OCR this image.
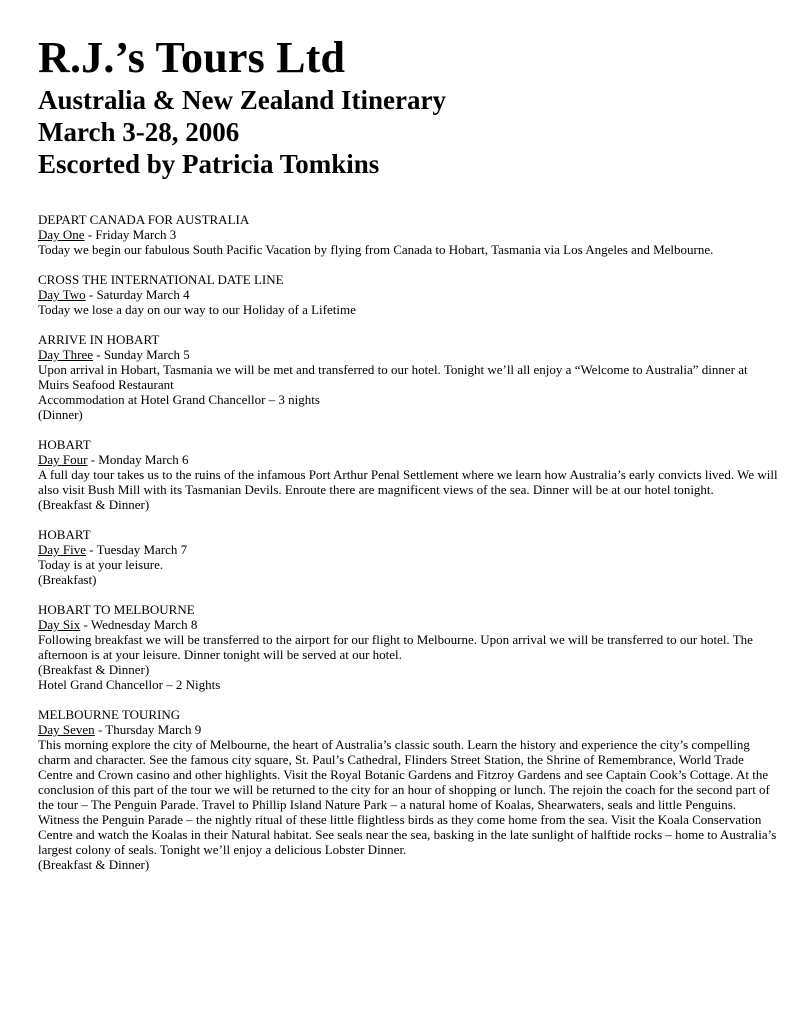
R.J.’s Tours Ltd
Australia & New Zealand Itinerary
March 3-28, 2006
Escorted by Patricia Tomkins
DEPART CANADA FOR AUSTRALIA
Day One - Friday March 3
Today we begin our fabulous South Pacific Vacation by flying from Canada to Hobart, Tasmania via Los Angeles and Melbourne.
CROSS THE INTERNATIONAL DATE LINE
Day Two - Saturday March 4
Today we lose a day on our way to our Holiday of a Lifetime
ARRIVE IN HOBART
Day Three - Sunday March 5
Upon arrival in Hobart, Tasmania we will be met and transferred to our hotel. Tonight we’ll all enjoy a “Welcome to Australia” dinner at Muirs Seafood Restaurant
Accommodation at Hotel Grand Chancellor – 3 nights
(Dinner)
HOBART
Day Four - Monday March 6
A full day tour takes us to the ruins of the infamous Port Arthur Penal Settlement where we learn how Australia’s early convicts lived. We will also visit Bush Mill with its Tasmanian Devils. Enroute there are magnificent views of the sea. Dinner will be at our hotel tonight.
(Breakfast & Dinner)
HOBART
Day Five - Tuesday March 7
Today is at your leisure.
(Breakfast)
HOBART TO MELBOURNE
Day Six - Wednesday March 8
Following breakfast we will be transferred to the airport for our flight to Melbourne. Upon arrival we will be transferred to our hotel. The afternoon is at your leisure. Dinner tonight will be served at our hotel.
(Breakfast & Dinner)
Hotel Grand Chancellor – 2 Nights
MELBOURNE TOURING
Day Seven - Thursday March 9
This morning explore the city of Melbourne, the heart of Australia’s classic south. Learn the history and experience the city’s compelling charm and character. See the famous city square, St. Paul’s Cathedral, Flinders Street Station, the Shrine of Remembrance, World Trade Centre and Crown casino and other highlights. Visit the Royal Botanic Gardens and Fitzroy Gardens and see Captain Cook’s Cottage. At the conclusion of this part of the tour we will be returned to the city for an hour of shopping or lunch. The rejoin the coach for the second part of the tour – The Penguin Parade. Travel to Phillip Island Nature Park – a natural home of Koalas, Shearwaters, seals and little Penguins. Witness the Penguin Parade – the nightly ritual of these little flightless birds as they come home from the sea. Visit the Koala Conservation Centre and watch the Koalas in their Natural habitat. See seals near the sea, basking in the late sunlight of halftide rocks – home to Australia’s largest colony of seals. Tonight we’ll enjoy a delicious Lobster Dinner.
(Breakfast & Dinner)
